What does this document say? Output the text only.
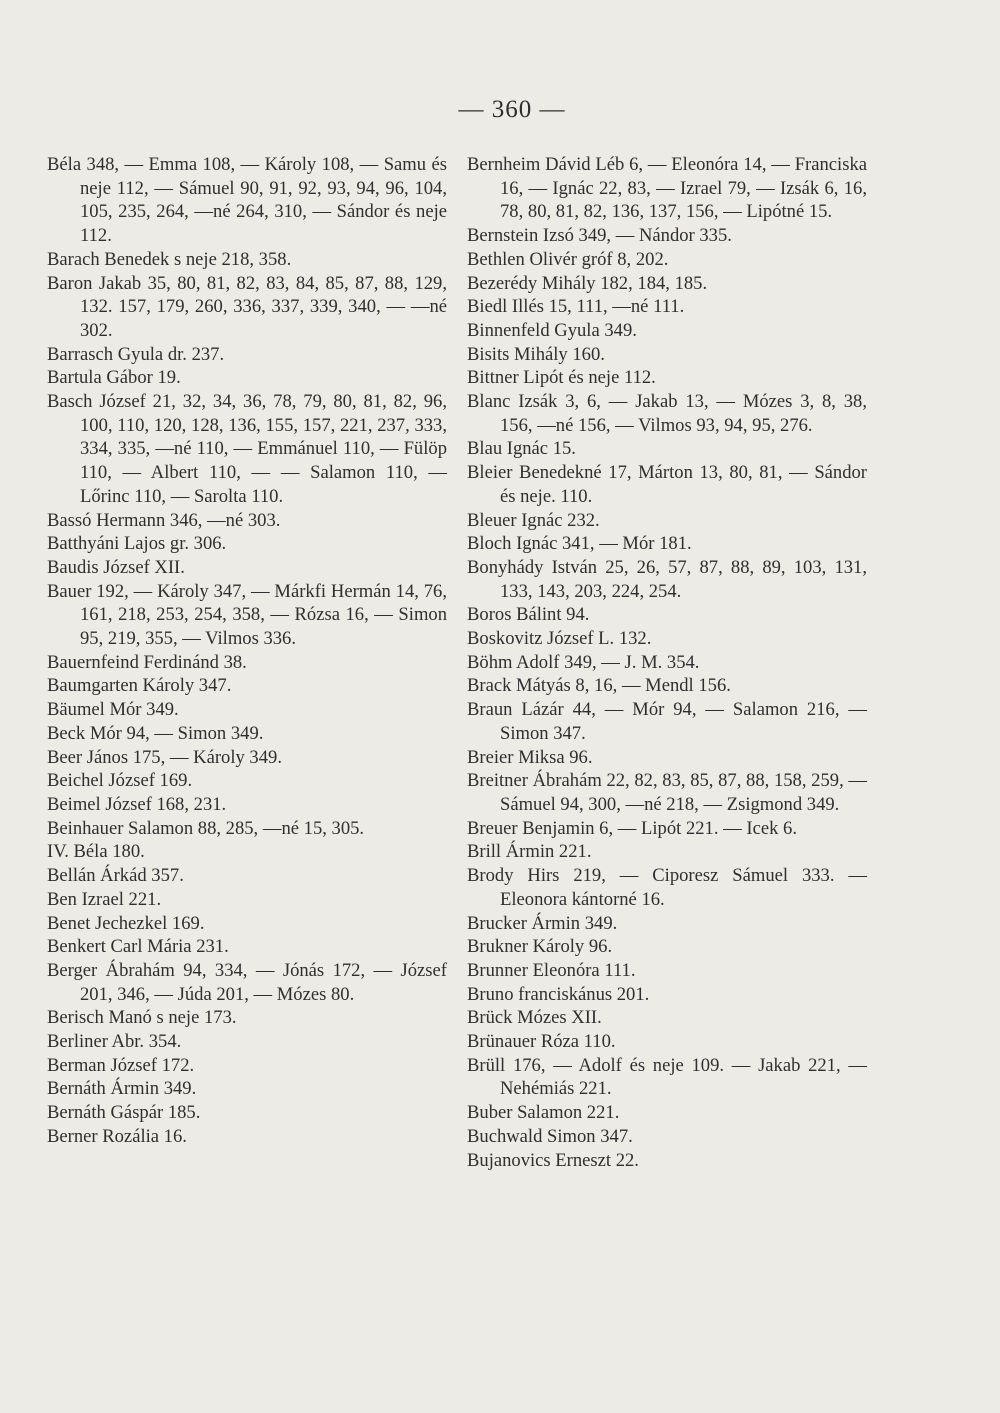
— 360 —
Béla 348, — Emma 108, — Károly 108, — Samu és neje 112, — Sámuel 90, 91, 92, 93, 94, 96, 104, 105, 235, 264, —né 264, 310, — Sándor és neje 112.
Barach Benedek s neje 218, 358.
Baron Jakab 35, 80, 81, 82, 83, 84, 85, 87, 88, 129, 132. 157, 179, 260, 336, 337, 339, 340, — —né 302.
Barrasch Gyula dr. 237.
Bartula Gábor 19.
Basch József 21, 32, 34, 36, 78, 79, 80, 81, 82, 96, 100, 110, 120, 128, 136, 155, 157, 221, 237, 333, 334, 335, —né 110, — Emmánuel 110, — Fülöp 110, — Albert 110, — — Salamon 110, — Lőrinc 110, — Sarolta 110.
Bassó Hermann 346, —né 303.
Batthyáni Lajos gr. 306.
Baudis József XII.
Bauer 192, — Károly 347, — Márkfi Hermán 14, 76, 161, 218, 253, 254, 358, — Rózsa 16, — Simon 95, 219, 355, — Vilmos 336.
Bauernfeind Ferdinánd 38.
Baumgarten Károly 347.
Bäumel Mór 349.
Beck Mór 94, — Simon 349.
Beer János 175, — Károly 349.
Beichel József 169.
Beimel József 168, 231.
Beinhauer Salamon 88, 285, —né 15, 305.
IV. Béla 180.
Bellán Árkád 357.
Ben Izrael 221.
Benet Jechezkel 169.
Benkert Carl Mária 231.
Berger Ábrahám 94, 334, — Jónás 172, — József 201, 346, — Júda 201, — Mózes 80.
Berisch Manó s neje 173.
Berliner Abr. 354.
Berman József 172.
Bernáth Ármin 349.
Bernáth Gáspár 185.
Berner Rozália 16.
Bernheim Dávid Léb 6, — Eleonóra 14, — Franciska 16, — Ignác 22, 83, — Izrael 79, — Izsák 6, 16, 78, 80, 81, 82, 136, 137, 156, — Lipótné 15.
Bernstein Izsó 349, — Nándor 335.
Bethlen Olivér gróf 8, 202.
Bezerédy Mihály 182, 184, 185.
Biedl Illés 15, 111, —né 111.
Binnenfeld Gyula 349.
Bisits Mihály 160.
Bittner Lipót és neje 112.
Blanc Izsák 3, 6, — Jakab 13, — Mózes 3, 8, 38, 156, —né 156, — Vilmos 93, 94, 95, 276.
Blau Ignác 15.
Bleier Benedekné 17, Márton 13, 80, 81, — Sándor és neje. 110.
Bleuer Ignác 232.
Bloch Ignác 341, — Mór 181.
Bonyhády István 25, 26, 57, 87, 88, 89, 103, 131, 133, 143, 203, 224, 254.
Boros Bálint 94.
Boskovitz József L. 132.
Böhm Adolf 349, — J. M. 354.
Brack Mátyás 8, 16, — Mendl 156.
Braun Lázár 44, — Mór 94, — Salamon 216, — Simon 347.
Breier Miksa 96.
Breitner Ábrahám 22, 82, 83, 85, 87, 88, 158, 259, — Sámuel 94, 300, —né 218, — Zsigmond 349.
Breuer Benjamin 6, — Lipót 221. — Icek 6.
Brill Ármin 221.
Brody Hirs 219, — Ciporesz Sámuel 333. — Eleonora kántorné 16.
Brucker Ármin 349.
Brukner Károly 96.
Brunner Eleonóra 111.
Bruno franciskánus 201.
Brück Mózes XII.
Brünauer Róza 110.
Brüll 176, — Adolf és neje 109. — Jakab 221, — Nehémiás 221.
Buber Salamon 221.
Buchwald Simon 347.
Bujanovics Erneszt 22.
